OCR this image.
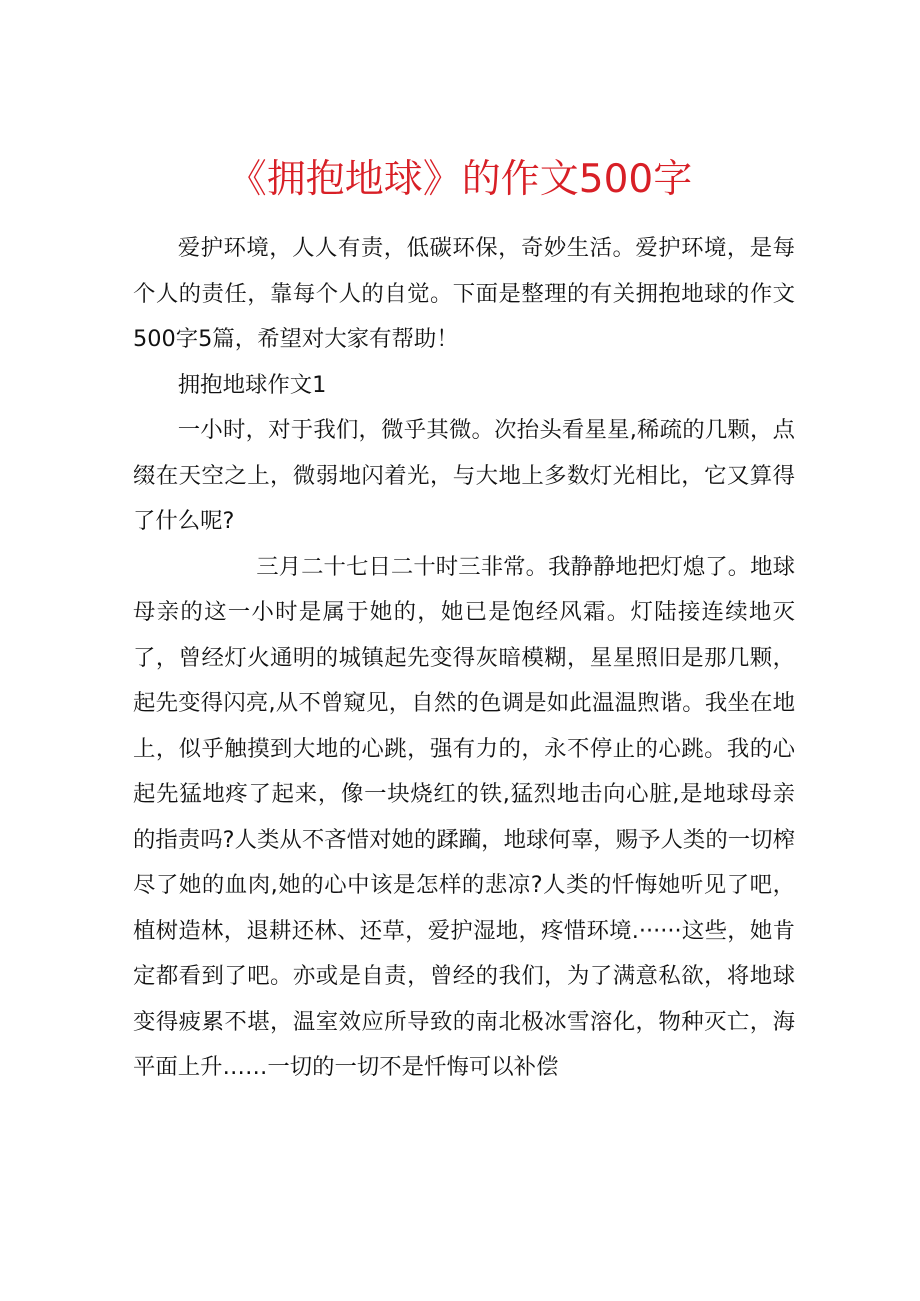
《拥抱地球》的作文500字

爱护环境，人人有责，低碳环保，奇妙生活。爱护环境，是每个人的责任，靠每个人的自觉。下面是整理的有关拥抱地球的作文500字5篇，希望对大家有帮助！

拥抱地球作文1

一小时，对于我们，微乎其微。次抬头看星星,稀疏的几颗，点缀在天空之上，微弱地闪着光，与大地上多数灯光相比，它又算得了什么呢?

三月二十七日二十时三非常。我静静地把灯熄了。地球母亲的这一小时是属于她的，她已是饱经风霜。灯陆接连续地灭了，曾经灯火通明的城镇起先变得灰暗模糊，星星照旧是那几颗，起先变得闪亮,从不曾窥见，自然的色调是如此温温煦谐。我坐在地上，似乎触摸到大地的心跳，强有力的，永不停止的心跳。我的心起先猛地疼了起来，像一块烧红的铁,猛烈地击向心脏,是地球母亲的指责吗?人类从不吝惜对她的蹂躏，地球何辜，赐予人类的一切榨尽了她的血肉,她的心中该是怎样的悲凉?人类的忏悔她听见了吧，植树造林，退耕还林、还草，爱护湿地，疼惜环境.······这些，她肯定都看到了吧。亦或是自责，曾经的我们，为了满意私欲，将地球变得疲累不堪，温室效应所导致的南北极冰雪溶化，物种灭亡，海平面上升……一切的一切不是忏悔可以补偿
